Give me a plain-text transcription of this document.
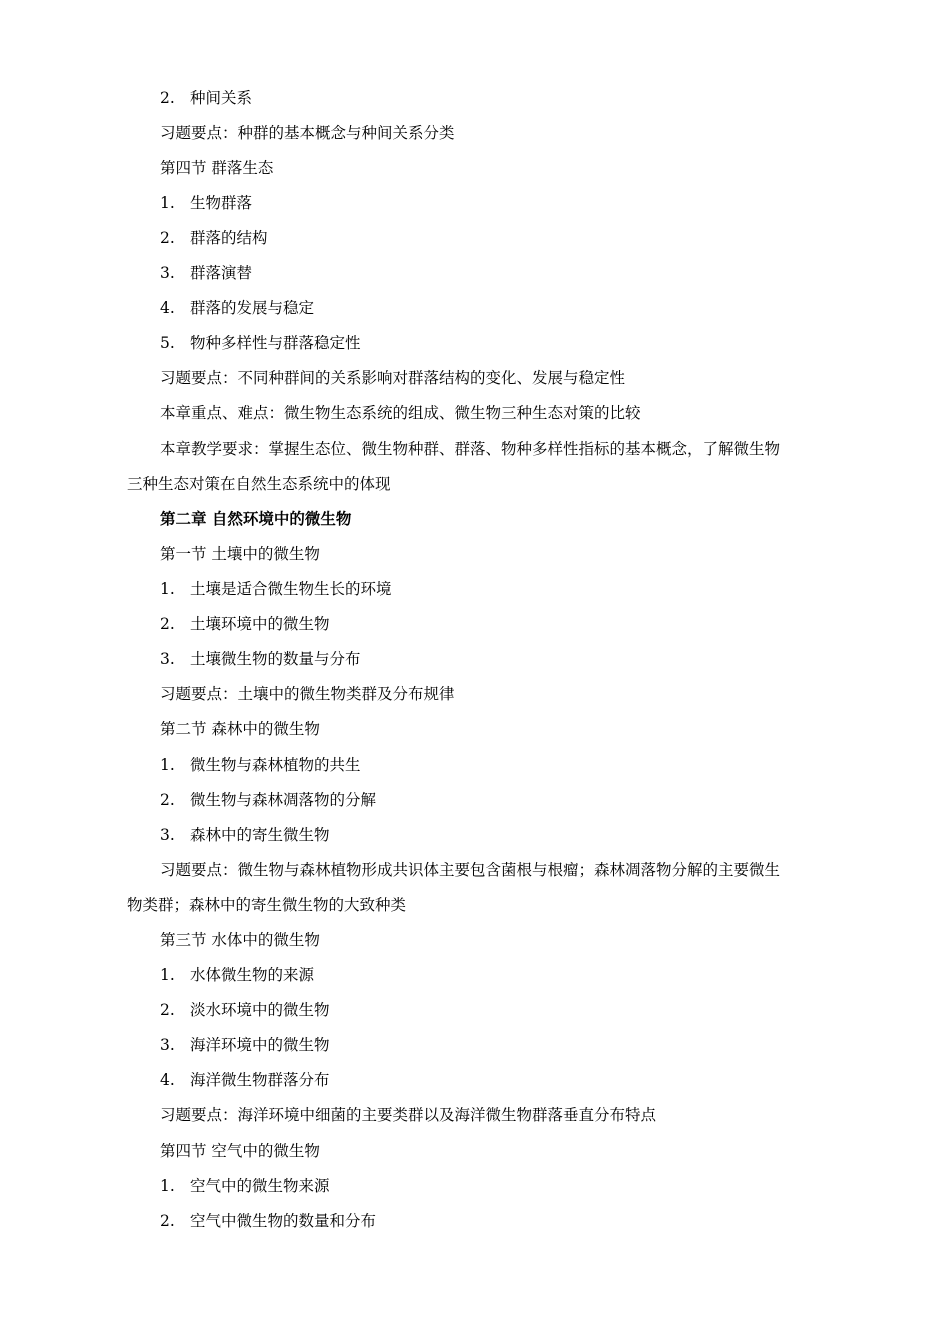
2. 种间关系
习题要点：种群的基本概念与种间关系分类
第四节 群落生态
1. 生物群落
2. 群落的结构
3. 群落演替
4. 群落的发展与稳定
5. 物种多样性与群落稳定性
习题要点：不同种群间的关系影响对群落结构的变化、发展与稳定性
本章重点、难点：微生物生态系统的组成、微生物三种生态对策的比较
本章教学要求：掌握生态位、微生物种群、群落、物种多样性指标的基本概念，了解微生物
三种生态对策在自然生态系统中的体现
第二章 自然环境中的微生物
第一节 土壤中的微生物
1. 土壤是适合微生物生长的环境
2. 土壤环境中的微生物
3. 土壤微生物的数量与分布
习题要点：土壤中的微生物类群及分布规律
第二节 森林中的微生物
1. 微生物与森林植物的共生
2. 微生物与森林凋落物的分解
3. 森林中的寄生微生物
习题要点：微生物与森林植物形成共识体主要包含菌根与根瘤；森林凋落物分解的主要微生
物类群；森林中的寄生微生物的大致种类
第三节 水体中的微生物
1. 水体微生物的来源
2. 淡水环境中的微生物
3. 海洋环境中的微生物
4. 海洋微生物群落分布
习题要点：海洋环境中细菌的主要类群以及海洋微生物群落垂直分布特点
第四节 空气中的微生物
1. 空气中的微生物来源
2. 空气中微生物的数量和分布
